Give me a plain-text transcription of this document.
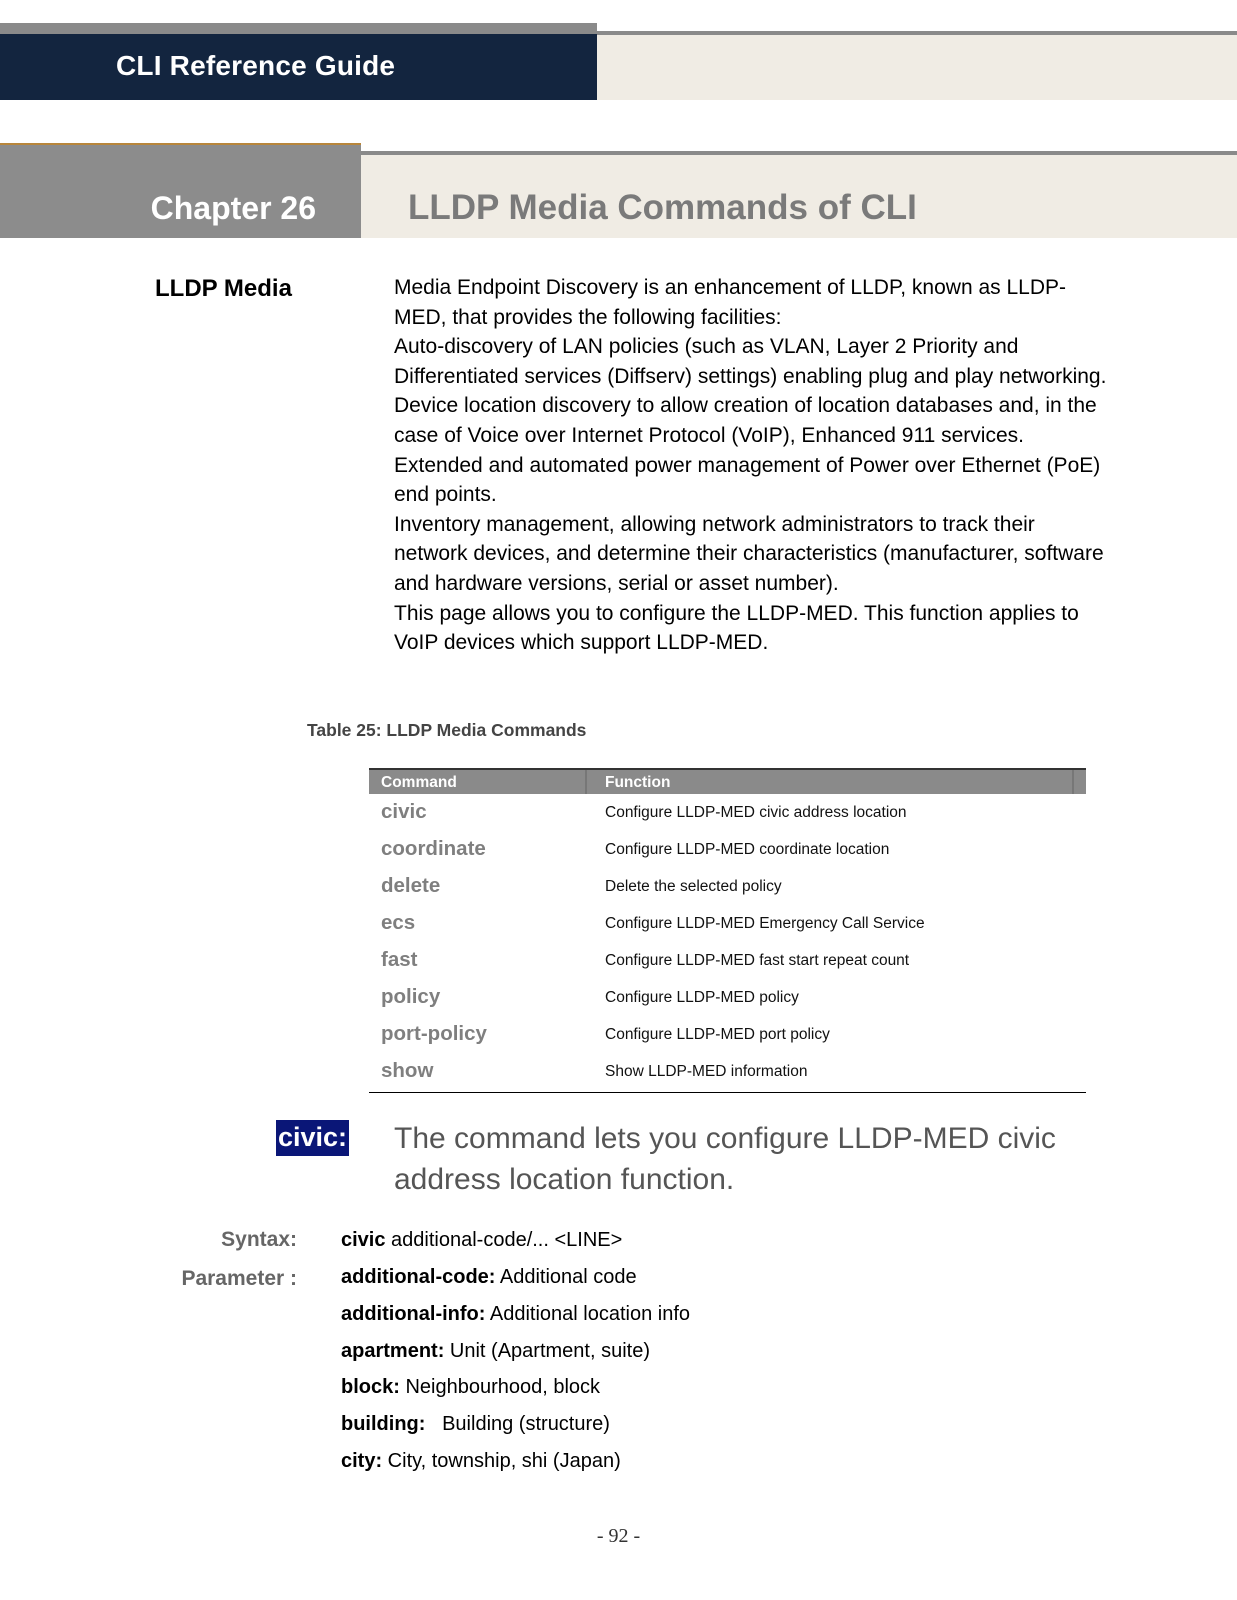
CLI Reference Guide
Chapter 26	LLDP Media Commands of CLI
LLDP Media	Media Endpoint Discovery is an enhancement of LLDP, known as LLDP-MED, that provides the following facilities:

Auto-discovery of LAN policies (such as VLAN, Layer 2 Priority and Differentiated services (Diffserv) settings) enabling plug and play networking.

Device location discovery to allow creation of location databases and, in the case of Voice over Internet Protocol (VoIP), Enhanced 911 services.

Extended and automated power management of Power over Ethernet (PoE) end points.

Inventory management, allowing network administrators to track their network devices, and determine their characteristics (manufacturer, software and hardware versions, serial or asset number).

This page allows you to configure the LLDP-MED. This function applies to VoIP devices which support LLDP-MED.

Table 25: LLDP Media Commands
Command	Function
civic	Configure LLDP-MED civic address location
coordinate	Configure LLDP-MED coordinate location
delete	Delete the selected policy
ecs	Configure LLDP-MED Emergency Call Service
fast	Configure LLDP-MED fast start repeat count
policy	Configure LLDP-MED policy
port-policy	Configure LLDP-MED port policy
show	Show LLDP-MED information
civic: The command lets you configure LLDP-MED civic address location function.
Syntax: civic additional-code/... <LINE>
Parameter : additional-code: Additional code
additional-info: Additional location info
apartment: Unit (Apartment, suite)
block: Neighbourhood, block
building:   Building (structure)
city: City, township, shi (Japan)
- 92 -
